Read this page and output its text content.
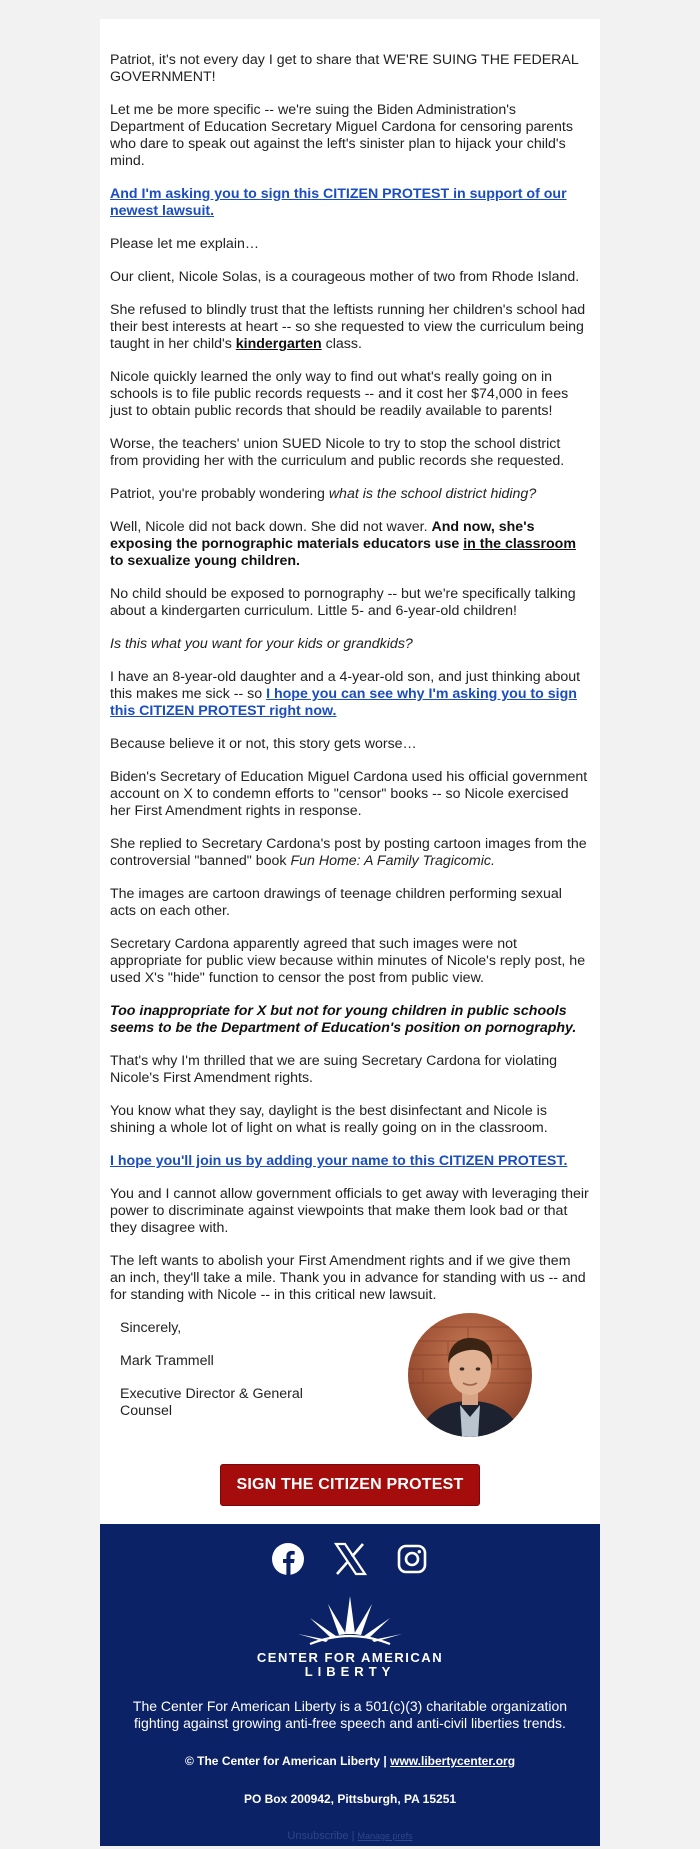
Patriot, it's not every day I get to share that WE'RE SUING THE FEDERAL GOVERNMENT!

Let me be more specific -- we're suing the Biden Administration's Department of Education Secretary Miguel Cardona for censoring parents who dare to speak out against the left's sinister plan to hijack your child's mind.

And I'm asking you to sign this CITIZEN PROTEST in support of our newest lawsuit.

Please let me explain…

Our client, Nicole Solas, is a courageous mother of two from Rhode Island.

She refused to blindly trust that the leftists running her children's school had their best interests at heart -- so she requested to view the curriculum being taught in her child's kindergarten class.

Nicole quickly learned the only way to find out what's really going on in schools is to file public records requests -- and it cost her $74,000 in fees just to obtain public records that should be readily available to parents!

Worse, the teachers' union SUED Nicole to try to stop the school district from providing her with the curriculum and public records she requested.

Patriot, you're probably wondering what is the school district hiding?

Well, Nicole did not back down. She did not waver. And now, she's exposing the pornographic materials educators use in the classroom to sexualize young children.

No child should be exposed to pornography -- but we're specifically talking about a kindergarten curriculum. Little 5- and 6-year-old children!

Is this what you want for your kids or grandkids?

I have an 8-year-old daughter and a 4-year-old son, and just thinking about this makes me sick -- so I hope you can see why I'm asking you to sign this CITIZEN PROTEST right now.

Because believe it or not, this story gets worse…

Biden's Secretary of Education Miguel Cardona used his official government account on X to condemn efforts to "censor" books -- so Nicole exercised her First Amendment rights in response.

She replied to Secretary Cardona's post by posting cartoon images from the controversial "banned" book Fun Home: A Family Tragicomic.

The images are cartoon drawings of teenage children performing sexual acts on each other.

Secretary Cardona apparently agreed that such images were not appropriate for public view because within minutes of Nicole's reply post, he used X's "hide" function to censor the post from public view.

Too inappropriate for X but not for young children in public schools seems to be the Department of Education's position on pornography.

That's why I'm thrilled that we are suing Secretary Cardona for violating Nicole's First Amendment rights.

You know what they say, daylight is the best disinfectant and Nicole is shining a whole lot of light on what is really going on in the classroom.

I hope you'll join us by adding your name to this CITIZEN PROTEST.

You and I cannot allow government officials to get away with leveraging their power to discriminate against viewpoints that make them look bad or that they disagree with.

The left wants to abolish your First Amendment rights and if we give them an inch, they'll take a mile. Thank you in advance for standing with us -- and for standing with Nicole -- in this critical new lawsuit.

Sincerely,

Mark Trammell

Executive Director & General Counsel

SIGN THE CITIZEN PROTEST
CENTER FOR AMERICAN
LIBERTY
The Center For American Liberty is a 501(c)(3) charitable organization fighting against growing anti-free speech and anti-civil liberties trends.
© The Center for American Liberty | www.libertycenter.org
PO Box 200942, Pittsburgh, PA 15251
Unsubscribe | Manage prefs
